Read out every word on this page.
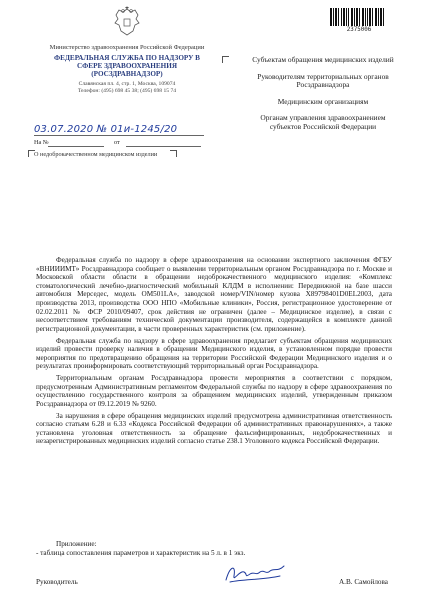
Министерство здравоохранения Российской Федерации
ФЕДЕРАЛЬНАЯ СЛУЖБА ПО НАДЗОРУ В СФЕРЕ ЗДРАВООХРАНЕНИЯ (РОСЗДРАВНАДЗОР)
Славянская пл. 4, стр. 1, Москва, 109074
Телефон: (495) 698 45 38; (495) 698 15 74
03.07.2020 № 01и-1245/20
На №	от
О недоброкачественном медицинском изделии
2375006

Субъектам обращения медицинских изделий

Руководителям территориальных органов Росздравнадзора

Медицинским организациям

Органам управления здравоохранением субъектов Российской Федерации

Федеральная служба по надзору в сфере здравоохранения на основании экспертного заключения ФГБУ «ВНИИИМТ» Росздравнадзора сообщает о выявлении территориальным органом Росздравнадзора по г. Москве и Московской области области в обращении недоброкачественного медицинского изделия: «Комплекс стоматологический лечебно-диагностический мобильный КЛДМ в исполнении: Передвижной на базе шасси автомобиля Мерседес, модель OM501LA», заводской номер/VIN/номер кузова X89798401D0EL2003, дата производства 2013, производства ООО НПО «Мобильные клиники», Россия, регистрационное удостоверение от 02.02.2011 № ФСР 2010/09407, срок действия не ограничен (далее – Медицинское изделие), в связи с несоответствием требованиям технической документации производителя, содержащейся в комплекте данной регистрационной документации, в части проверенных характеристик (см. приложение).

Федеральная служба по надзору в сфере здравоохранения предлагает субъектам обращения медицинских изделий провести проверку наличия в обращении Медицинского изделия, в установленном порядке провести мероприятия по предотвращению обращения на территории Российской Федерации Медицинского изделия и о результатах проинформировать соответствующий территориальный орган Росздравнадзора.

Территориальным органам Росздравнадзора провести мероприятия в соответствии с порядком, предусмотренным Административным регламентом Федеральной службы по надзору в сфере здравоохранения по осуществлению государственного контроля за обращением медицинских изделий, утвержденным приказом Росздравнадзора от 09.12.2019 № 9260.

За нарушения в сфере обращения медицинских изделий предусмотрена административная ответственность согласно статьям 6.28 и 6.33 «Кодекса Российской Федерации об административных правонарушениях», а также установлена уголовная ответственность за обращение фальсифицированных, недоброкачественных и незарегистрированных медицинских изделий согласно статье 238.1 Уголовного кодекса Российской Федерации.

Приложение:

- таблица сопоставления параметров и характеристик на 5 л. в 1 экз.

Руководитель	А.В. Самойлова
